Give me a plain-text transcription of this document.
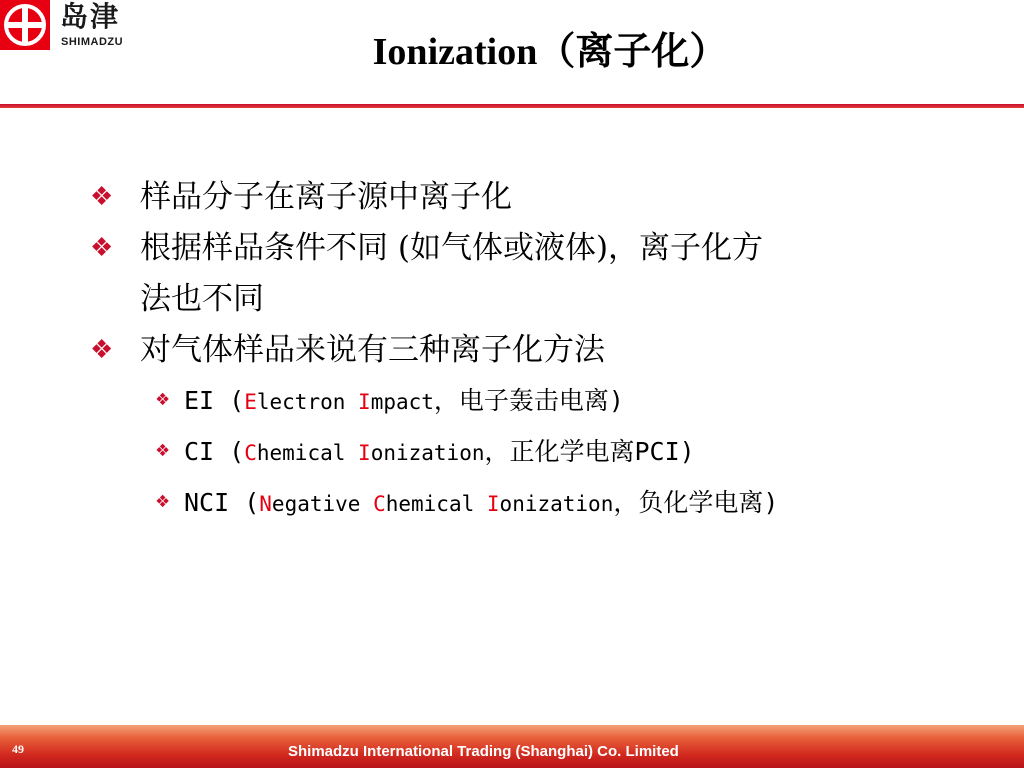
岛津
SHIMADZU	Ionization（离子化）
❖ 样品分子在离子源中离子化
❖ 根据样品条件不同 (如气体或液体)，离子化方
法也不同
❖ 对气体样品来说有三种离子化方法
❖ EI (Electron Impact，电子轰击电离)
❖ CI (Chemical Ionization，正化学电离PCI)
❖ NCI (Negative Chemical Ionization，负化学电离)
49	Shimadzu International Trading (Shanghai) Co. Limited
